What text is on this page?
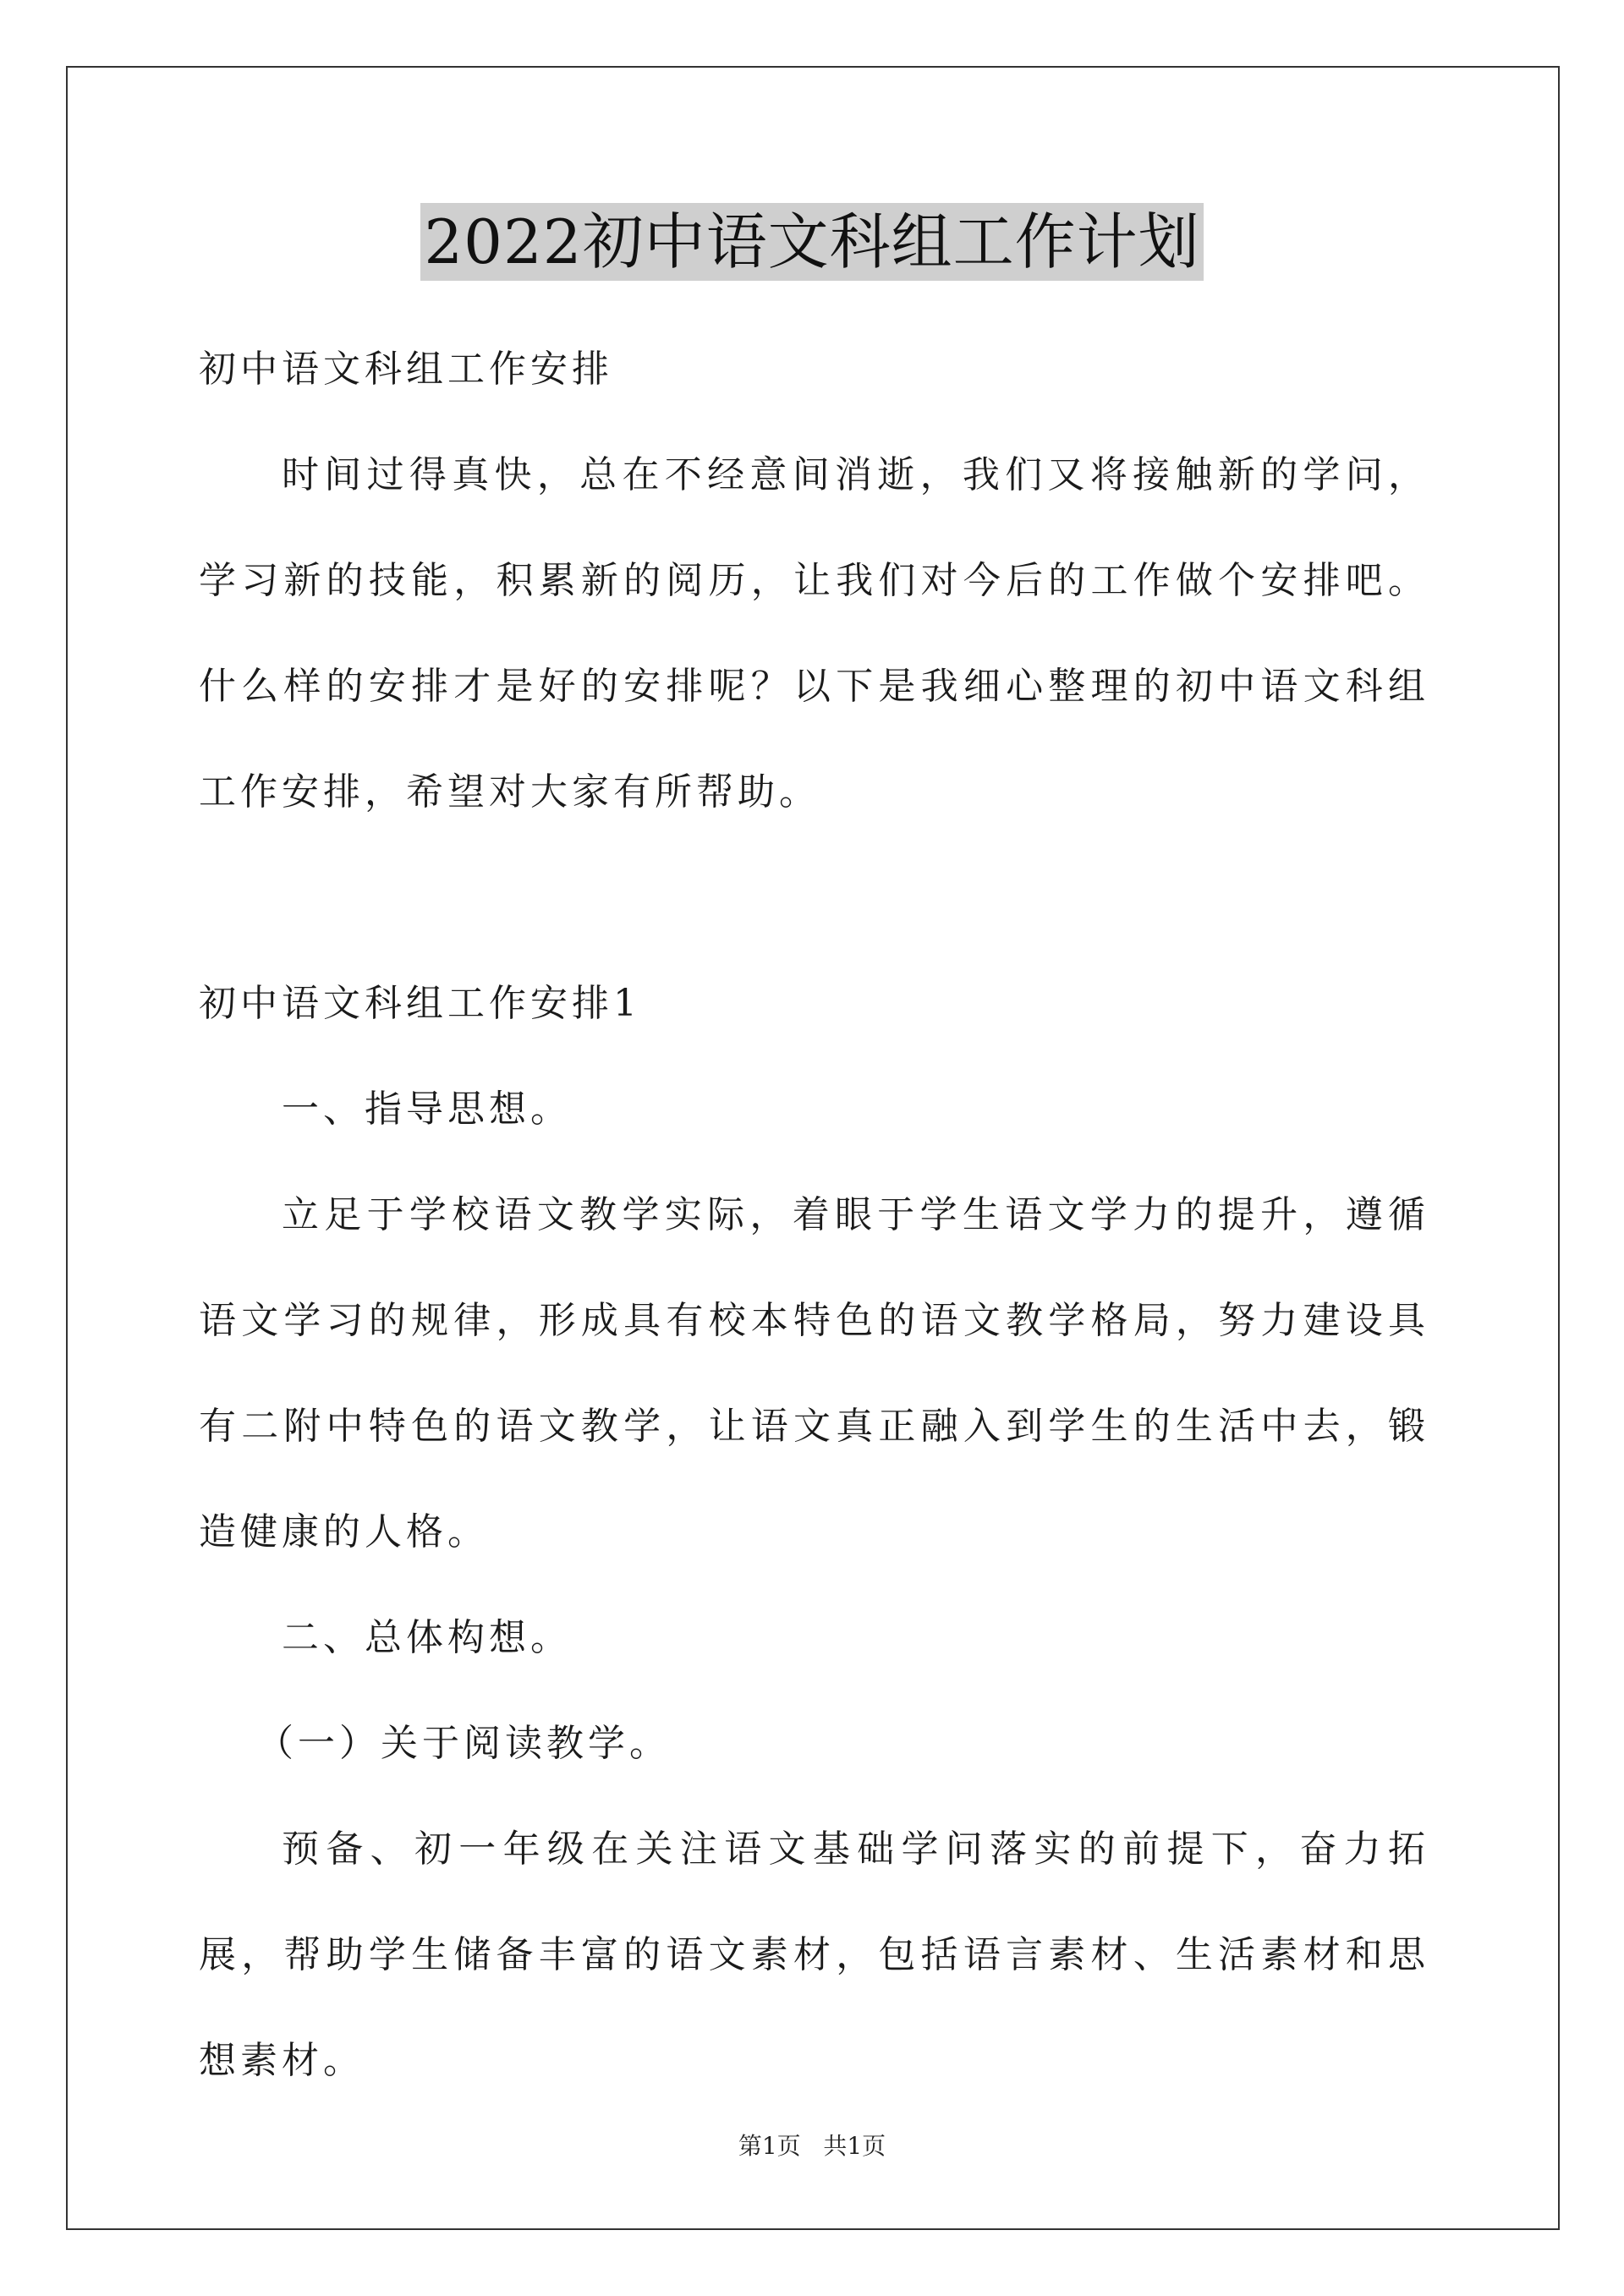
2022初中语文科组工作计划
初中语文科组工作安排

时间过得真快，总在不经意间消逝，我们又将接触新的学问，学习新的技能，积累新的阅历，让我们对今后的工作做个安排吧。什么样的安排才是好的安排呢？以下是我细心整理的初中语文科组工作安排，希望对大家有所帮助。

初中语文科组工作安排1
一、指导思想。

立足于学校语文教学实际，着眼于学生语文学力的提升，遵循语文学习的规律，形成具有校本特色的语文教学格局，努力建设具有二附中特色的语文教学，让语文真正融入到学生的生活中去，锻造健康的人格。

二、总体构想。
（一）关于阅读教学。

预备、初一年级在关注语文基础学问落实的前提下，奋力拓展，帮助学生储备丰富的语文素材，包括语言素材、生活素材和思想素材。

第1页   共1页
